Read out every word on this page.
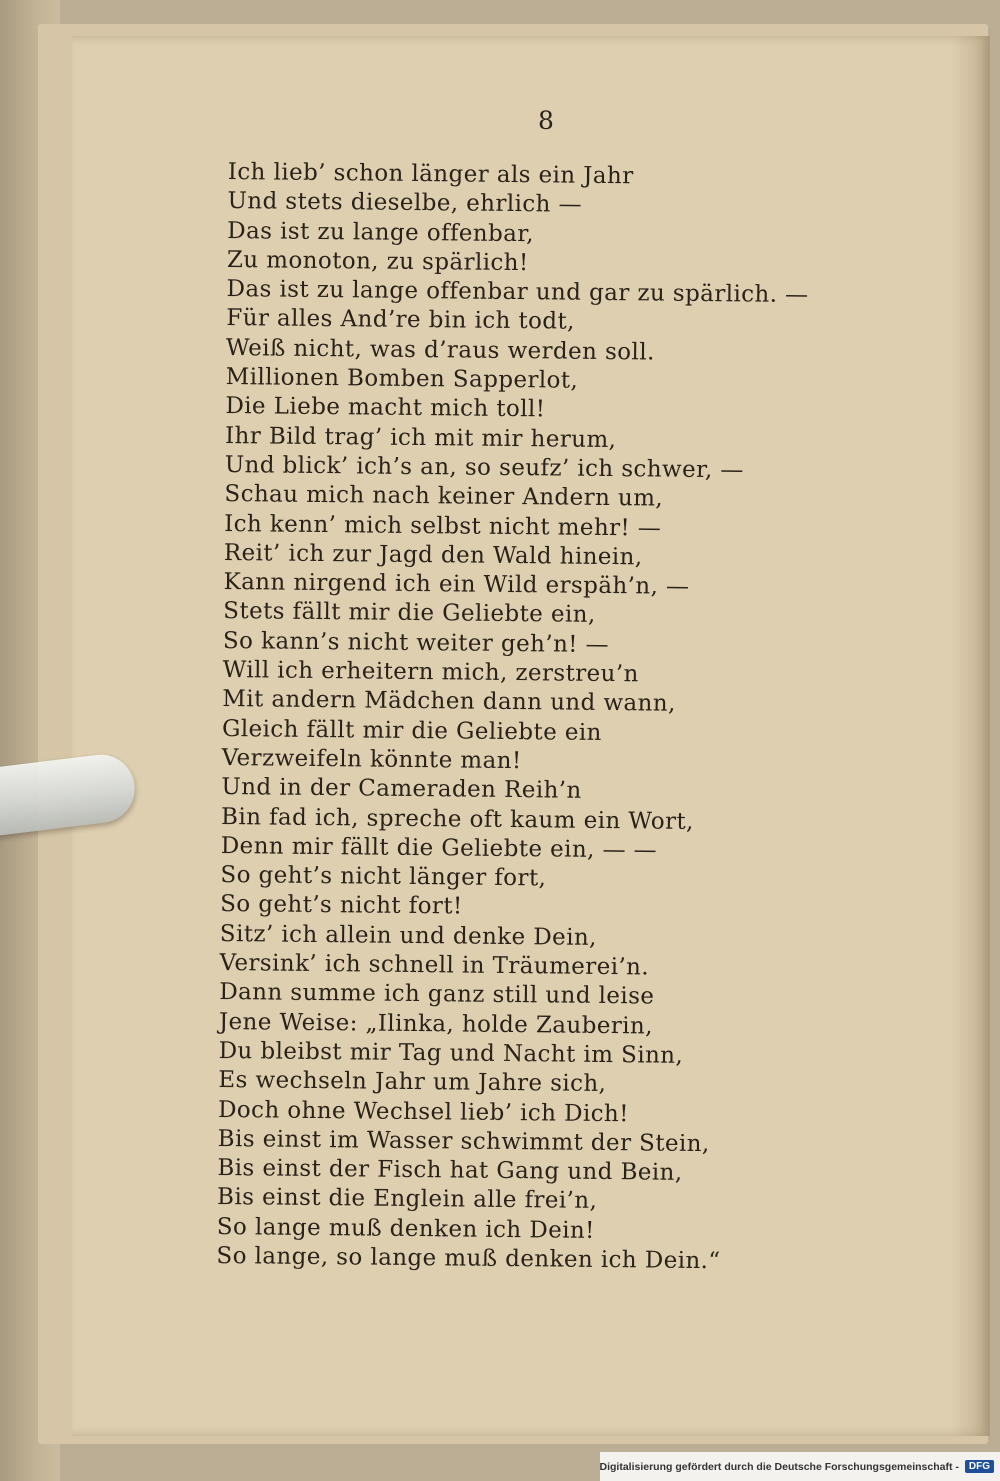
8
Ich lieb’ schon länger als ein Jahr
Und stets dieselbe, ehrlich —
Das ist zu lange offenbar,
Zu monoton, zu spärlich!
Das ist zu lange offenbar und gar zu spärlich. —
Für alles And’re bin ich todt,
Weiß nicht, was d’raus werden soll.
Millionen Bomben Sapperlot,
Die Liebe macht mich toll!
Ihr Bild trag’ ich mit mir herum,
Und blick’ ich’s an, so seufz’ ich schwer, —
Schau mich nach keiner Andern um,
Ich kenn’ mich selbst nicht mehr! —
Reit’ ich zur Jagd den Wald hinein,
Kann nirgend ich ein Wild erspäh’n, —
Stets fällt mir die Geliebte ein,
So kann’s nicht weiter geh’n! —
Will ich erheitern mich, zerstreu’n
Mit andern Mädchen dann und wann,
Gleich fällt mir die Geliebte ein
Verzweifeln könnte man!
Und in der Cameraden Reih’n
Bin fad ich, spreche oft kaum ein Wort,
Denn mir fällt die Geliebte ein, — —
So geht’s nicht länger fort,
So geht’s nicht fort!
Sitz’ ich allein und denke Dein,
Versink’ ich schnell in Träumerei’n.
Dann summe ich ganz still und leise
Jene Weise: „Ilinka, holde Zauberin,
Du bleibst mir Tag und Nacht im Sinn,
Es wechseln Jahr um Jahre sich,
Doch ohne Wechsel lieb’ ich Dich!
Bis einst im Wasser schwimmt der Stein,
Bis einst der Fisch hat Gang und Bein,
Bis einst die Englein alle frei’n,
So lange muß denken ich Dein!
So lange, so lange muß denken ich Dein.“
Digitalisierung gefördert durch die Deutsche Forschungsgemeinschaft -	DFG
